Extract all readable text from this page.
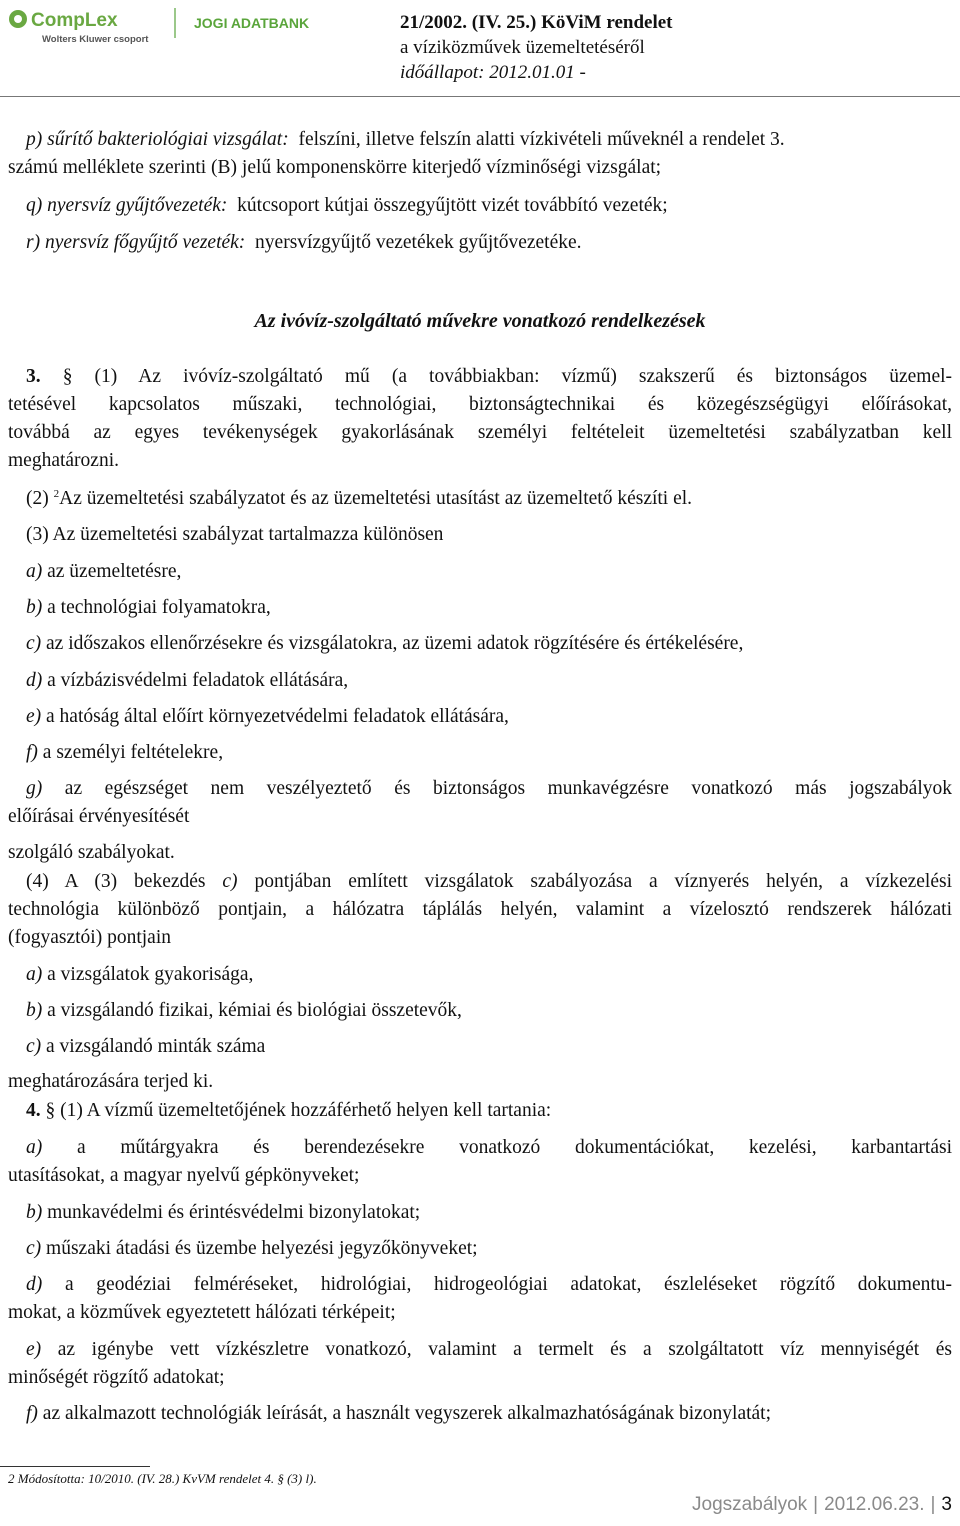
CompLex
Wolters Kluwer csoport
JOGI ADATBANK	21/2002. (IV. 25.) KöViM rendelet
a víziközművek üzemeltetéséről
időállapot: 2012.01.01 -
p) sűrítő bakteriológiai vizsgálat: felszíni, illetve felszín alatti vízkivételi műveknél a rendelet 3.
számú melléklete szerinti (B) jelű komponenskörre kiterjedő vízminőségi vizsgálat;
q) nyersvíz gyűjtővezeték: kútcsoport kútjai összegyűjtött vizét továbbító vezeték;
r) nyersvíz főgyűjtő vezeték: nyersvízgyűjtő vezetékek gyűjtővezetéke.
Az ivóvíz-szolgáltató művekre vonatkozó rendelkezések
3. § (1) Az ivóvíz-szolgáltató mű (a továbbiakban: vízmű) szakszerű és biztonságos üzemel-
tetésével kapcsolatos műszaki, technológiai, biztonságtechnikai és közegészségügyi előírásokat,
továbbá az egyes tevékenységek gyakorlásának személyi feltételeit üzemeltetési szabályzatban kell
meghatározni.
(2) $^2$Az üzemeltetési szabályzatot és az üzemeltetési utasítást az üzemeltető készíti el.
(3) Az üzemeltetési szabályzat tartalmazza különösen
a) az üzemeltetésre,
b) a technológiai folyamatokra,
c) az időszakos ellenőrzésekre és vizsgálatokra, az üzemi adatok rögzítésére és értékelésére,
d) a vízbázisvédelmi feladatok ellátására,
e) a hatóság által előírt környezetvédelmi feladatok ellátására,
f) a személyi feltételekre,
g) az egészséget nem veszélyeztető és biztonságos munkavégzésre vonatkozó más jogszabályok
előírásai érvényesítését
szolgáló szabályokat.
(4) A (3) bekezdés c) pontjában említett vizsgálatok szabályozása a víznyerés helyén, a vízkezelési
technológia különböző pontjain, a hálózatra táplálás helyén, valamint a vízelosztó rendszerek hálózati
(fogyasztói) pontjain
a) a vizsgálatok gyakorisága,
b) a vizsgálandó fizikai, kémiai és biológiai összetevők,
c) a vizsgálandó minták száma
meghatározására terjed ki.
4. § (1) A vízmű üzemeltetőjének hozzáférhető helyen kell tartania:
a) a műtárgyakra és berendezésekre vonatkozó dokumentációkat, kezelési, karbantartási
utasításokat, a magyar nyelvű gépkönyveket;
b) munkavédelmi és érintésvédelmi bizonylatokat;
c) műszaki átadási és üzembe helyezési jegyzőkönyveket;
d) a geodéziai felméréseket, hidrológiai, hidrogeológiai adatokat, észleléseket rögzítő dokumentu-
mokat, a közművek egyeztetett hálózati térképeit;
e) az igénybe vett vízkészletre vonatkozó, valamint a termelt és a szolgáltatott víz mennyiségét és
minőségét rögzítő adatokat;
f) az alkalmazott technológiák leírását, a használt vegyszerek alkalmazhatóságának bizonylatát;
2 Módosította: 10/2010. (IV. 28.) KvVM rendelet 4. § (3) l).
Jogszabályok | 2012.06.23. | 3
